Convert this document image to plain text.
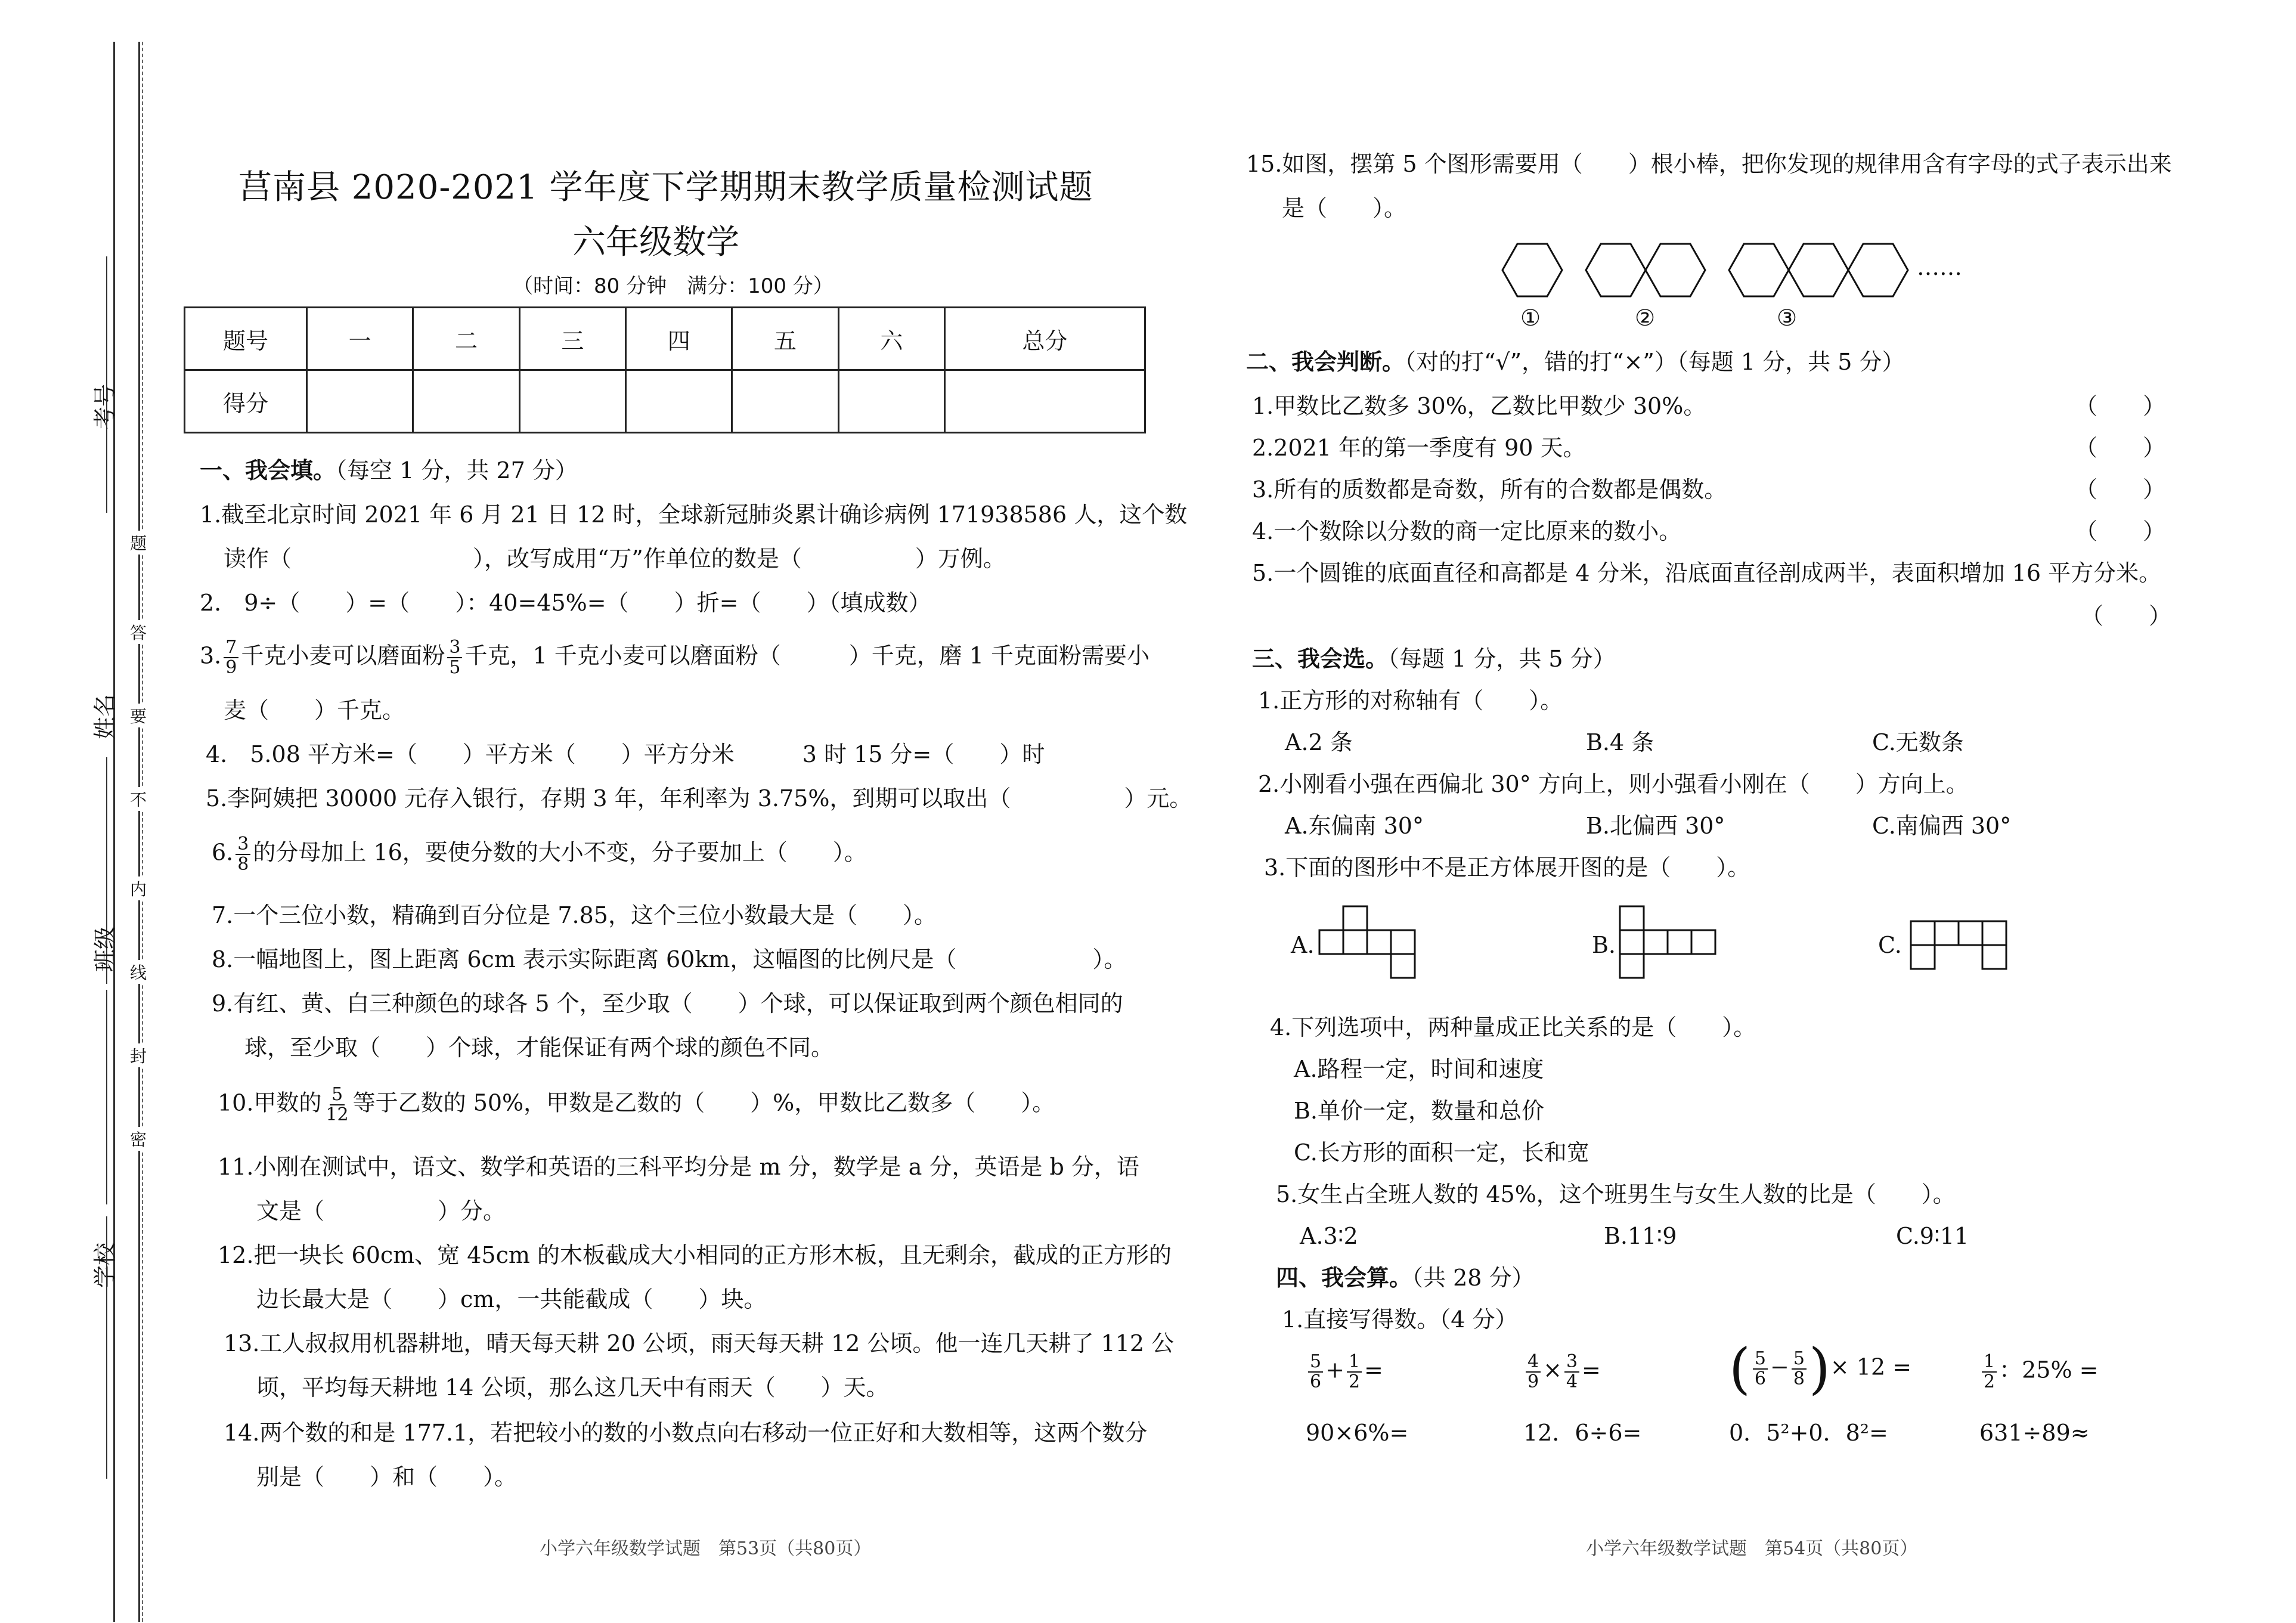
考号
姓名
班级
学校
题
答
要
不
内
线
封
密
莒南县 2020-2021 学年度下学期期末教学质量检测试题
六年级数学
（时间：80 分钟　满分：100 分）
题号	一	二	三	四	五	六	总分
得分							
一、我会填。（每空 1 分，共 27 分）
1.截至北京时间 2021 年 6 月 21 日 12 时，全球新冠肺炎累计确诊病例 171938586 人，这个数
读作（　　　　　　　　），改写成用“万”作单位的数是（　　　　　）万例。
2.　9÷（　　）=（　　）：40=45%=（　　）折=（　　）（填成数）
3. $\frac{7}{9}$ 千克小麦可以磨面粉 $\frac{3}{5}$ 千克，1 千克小麦可以磨面粉（　　　）千克，磨 1 千克面粉需要小
麦（　　）千克。
4.　5.08 平方米=（　　）平方米（　　）平方分米　　　3 时 15 分=（　　）时
5.李阿姨把 30000 元存入银行，存期 3 年，年利率为 3.75%，到期可以取出（　　　　　）元。
6. $\frac{3}{8}$ 的分母加上 16，要使分数的大小不变，分子要加上（　　）。
7.一个三位小数，精确到百分位是 7.85，这个三位小数最大是（　　）。
8.一幅地图上，图上距离 6cm 表示实际距离 60km，这幅图的比例尺是（　　　　　　）。
9.有红、黄、白三种颜色的球各 5 个，至少取（　　）个球，可以保证取到两个颜色相同的
球，至少取（　　）个球，才能保证有两个球的颜色不同。
10.甲数的 $\frac{5}{12}$ 等于乙数的 50%，甲数是乙数的（　　）%，甲数比乙数多（　　）。
11.小刚在测试中，语文、数学和英语的三科平均分是 m 分，数学是 a 分，英语是 b 分，语
文是（　　　　　）分。
12.把一块长 60cm、宽 45cm 的木板截成大小相同的正方形木板，且无剩余，截成的正方形的
边长最大是（　　）cm，一共能截成（　　）块。
13.工人叔叔用机器耕地，晴天每天耕 20 公顷，雨天每天耕 12 公顷。他一连几天耕了 112 公
顷，平均每天耕地 14 公顷，那么这几天中有雨天（　　）天。
14.两个数的和是 177.1，若把较小的数的小数点向右移动一位正好和大数相等，这两个数分
别是（　　）和（　　）。
小学六年级数学试题　第53页（共80页）
15.如图，摆第 5 个图形需要用（　　）根小棒，把你发现的规律用含有字母的式子表示出来
是（　　）。
……
①	②	③
二、我会判断。（对的打“√”，错的打“×”）（每题 1 分，共 5 分）
1.甲数比乙数多 30%，乙数比甲数少 30%。	（　　）
2.2021 年的第一季度有 90 天。	（　　）
3.所有的质数都是奇数，所有的合数都是偶数。	（　　）
4.一个数除以分数的商一定比原来的数小。	（　　）
5.一个圆锥的底面直径和高都是 4 分米，沿底面直径剖成两半，表面积增加 16 平方分米。
（　　）
三、我会选。（每题 1 分，共 5 分）
1.正方形的对称轴有（　　）。
A.2 条	B.4 条	C.无数条
2.小刚看小强在西偏北 30° 方向上，则小强看小刚在（　　）方向上。
A.东偏南 30°	B.北偏西 30°	C.南偏西 30°
3.下面的图形中不是正方体展开图的是（　　）。
A.	B.	C.
4.下列选项中，两种量成正比关系的是（　　）。
A.路程一定，时间和速度
B.单价一定，数量和总价
C.长方形的面积一定，长和宽
5.女生占全班人数的 45%，这个班男生与女生人数的比是（　　）。
A.3∶2	B.11∶9	C.9∶11
四、我会算。（共 28 分）
1.直接写得数。（4 分）
$\frac{5}{6} + \frac{1}{2}$ =	$\frac{4}{9} \times \frac{3}{4}$ = ( $\frac{5}{6} - \frac{5}{8}$ )× 12 =	$\frac{1}{2}$ ：25% =
90×6%=	12．6÷6=	0．5²+0．8²=	631÷89≈
小学六年级数学试题　第54页（共80页）
